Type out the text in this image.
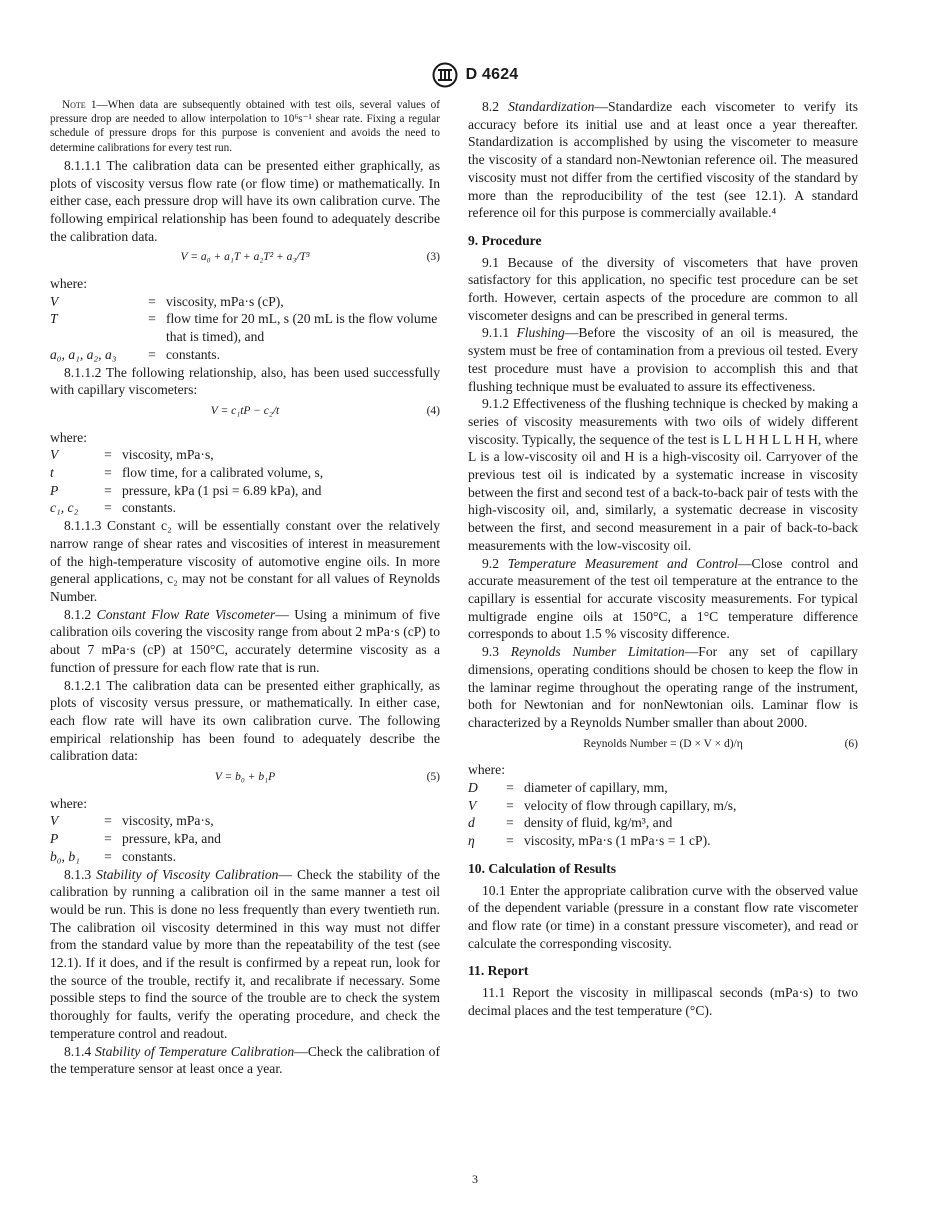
D 4624
Note 1—When data are subsequently obtained with test oils, several values of pressure drop are needed to allow interpolation to 10⁶s⁻¹ shear rate. Fixing a regular schedule of pressure drops for this purpose is convenient and avoids the need to determine calibrations for every test run.

8.1.1.1 The calibration data can be presented either graphically, as plots of viscosity versus flow rate (or flow time) or mathematically. In either case, each pressure drop will have its own calibration curve. The following empirical relationship has been found to adequately describe the calibration data.

V = a₀ + a₁T + a₂T² + a₃/T³	(3)
where:
V	= viscosity, mPa·s (cP),
T	= flow time for 20 mL, s (20 mL is the flow volume that is timed), and
a₀, a₁, a₂, a₃	= constants.

8.1.1.2 The following relationship, also, has been used successfully with capillary viscometers:

V = c₁tP − c₂/t	(4)
where:
V	= viscosity, mPa·s,
t	= flow time, for a calibrated volume, s,
P	= pressure, kPa (1 psi = 6.89 kPa), and
c₁, c₂	= constants.

8.1.1.3 Constant c₂ will be essentially constant over the relatively narrow range of shear rates and viscosities of interest in measurement of the high-temperature viscosity of automotive engine oils. In more general applications, c₂ may not be constant for all values of Reynolds Number.

8.1.2 Constant Flow Rate Viscometer— Using a minimum of five calibration oils covering the viscosity range from about 2 mPa·s (cP) to about 7 mPa·s (cP) at 150°C, accurately determine viscosity as a function of pressure for each flow rate that is run.

8.1.2.1 The calibration data can be presented either graphically, as plots of viscosity versus pressure, or mathematically. In either case, each flow rate will have its own calibration curve. The following empirical relationship has been found to adequately describe the calibration data:

V = b₀ + b₁P	(5)
where:
V	= viscosity, mPa·s,
P	= pressure, kPa, and
b₀, b₁	= constants.

8.1.3 Stability of Viscosity Calibration— Check the stability of the calibration by running a calibration oil in the same manner a test oil would be run. This is done no less frequently than every twentieth run. The calibration oil viscosity determined in this way must not differ from the standard value by more than the repeatability of the test (see 12.1). If it does, and if the result is confirmed by a repeat run, look for the source of the trouble, rectify it, and recalibrate if necessary. Some possible steps to find the source of the trouble are to check the system thoroughly for faults, verify the operating procedure, and check the temperature control and readout.

8.1.4 Stability of Temperature Calibration—Check the calibration of the temperature sensor at least once a year.

8.2 Standardization—Standardize each viscometer to verify its accuracy before its initial use and at least once a year thereafter. Standardization is accomplished by using the viscometer to measure the viscosity of a standard non-Newtonian reference oil. The measured viscosity must not differ from the certified viscosity of the standard by more than the reproducibility of the test (see 12.1). A standard reference oil for this purpose is commercially available.⁴

9. Procedure

9.1 Because of the diversity of viscometers that have proven satisfactory for this application, no specific test procedure can be set forth. However, certain aspects of the procedure are common to all viscometer designs and can be prescribed in general terms.

9.1.1 Flushing—Before the viscosity of an oil is measured, the system must be free of contamination from a previous oil tested. Every test procedure must have a provision to accomplish this and that flushing technique must be evaluated to assure its effectiveness.

9.1.2 Effectiveness of the flushing technique is checked by making a series of viscosity measurements with two oils of widely different viscosity. Typically, the sequence of the test is L L H H L L H H, where L is a low-viscosity oil and H is a high-viscosity oil. Carryover of the previous test oil is indicated by a systematic increase in viscosity between the first and second test of a back-to-back pair of tests with the high-viscosity oil, and, similarly, a systematic decrease in viscosity between the first, and second measurement in a pair of back-to-back measurements with the low-viscosity oil.

9.2 Temperature Measurement and Control—Close control and accurate measurement of the test oil temperature at the entrance to the capillary is essential for accurate viscosity measurements. For typical multigrade engine oils at 150°C, a 1°C temperature difference corresponds to about 1.5 % viscosity difference.

9.3 Reynolds Number Limitation—For any set of capillary dimensions, operating conditions should be chosen to keep the flow in the laminar regime throughout the operating range of the instrument, both for Newtonian and for nonNewtonian oils. Laminar flow is characterized by a Reynolds Number smaller than about 2000.

Reynolds Number = (D × V × d)/η	(6)
where:
D	= diameter of capillary, mm,
V	= velocity of flow through capillary, m/s,
d	= density of fluid, kg/m³, and
η	= viscosity, mPa·s (1 mPa·s = 1 cP).
10. Calculation of Results

10.1 Enter the appropriate calibration curve with the observed value of the dependent variable (pressure in a constant flow rate viscometer and flow rate (or time) in a constant pressure viscometer), and read or calculate the corresponding viscosity.

11. Report

11.1 Report the viscosity in millipascal seconds (mPa·s) to two decimal places and the test temperature (°C).

3
